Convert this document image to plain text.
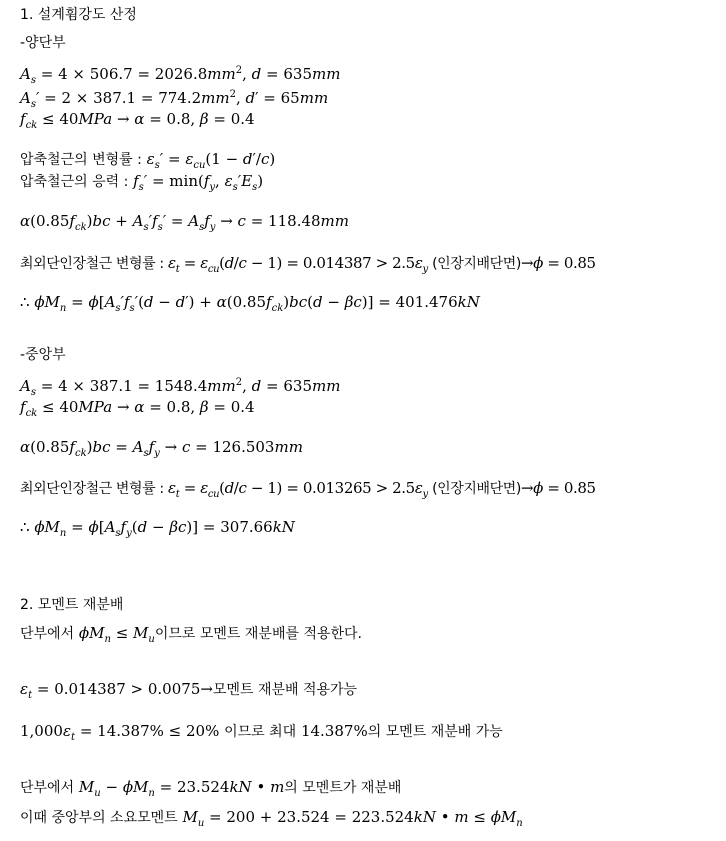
1. 설계휨강도 산정
-양단부
$A_s = 4 \times 506.7 = 2026.8mm^2$, d = 635mm
$A_s' = 2 \times 387.1 = 774.2mm^2$, d′ = 65mm
$f_{ck} \le 40MPa \to \alpha = 0.8$, β = 0.4
압축철근의 변형률 : $\varepsilon_s' = \varepsilon_{cu}(1 - d'/c)$
압축철근의 응력 : $f_s' = \min(f_y$, $\varepsilon_s'E_s$)
$\alpha(0.85f_{ck})bc + A_s'f_s' = A_sf_y \to c = 118.48mm$
최외단인장철근 변형률 : $\varepsilon_t = \varepsilon_{cu}(d/c - 1) = 0.014387 > 2.5\varepsilon_y$ (인장지배단면)→ϕ = 0.85
∴ $\phi M_n = \phi[A_s'f_s'(d - d') + \alpha(0.85f_{ck})bc(d - \beta c)] = 401.476kN$
-중앙부
$A_s = 4 \times 387.1 = 1548.4mm^2$, d = 635mm
$f_{ck} \le 40MPa \to \alpha = 0.8$, β = 0.4
$\alpha(0.85f_{ck})bc = A_sf_y \to c = 126.503mm$
최외단인장철근 변형률 : $\varepsilon_t = \varepsilon_{cu}(d/c - 1) = 0.013265 > 2.5\varepsilon_y$ (인장지배단면)→ϕ = 0.85
∴ $\phi M_n = \phi[A_sf_y(d - \beta c)] = 307.66kN$
2. 모멘트 재분배
단부에서 $\phi M_n \le M_u$이므로 모멘트 재분배를 적용한다.
$\varepsilon_t = 0.014387 > 0.0075\to$모멘트 재분배 적용가능
$1,000\varepsilon_t = 14.387\% \le 20\%$ 이므로 최대 14.387%의 모멘트 재분배 가능
단부에서 $M_u - \phi M_n = 23.524kN$ • m의 모멘트가 재분배
이때 중앙부의 소요모멘트 $M_u = 200 + 23.524 = 223.524kN$ • $m \le \phi M_n$
